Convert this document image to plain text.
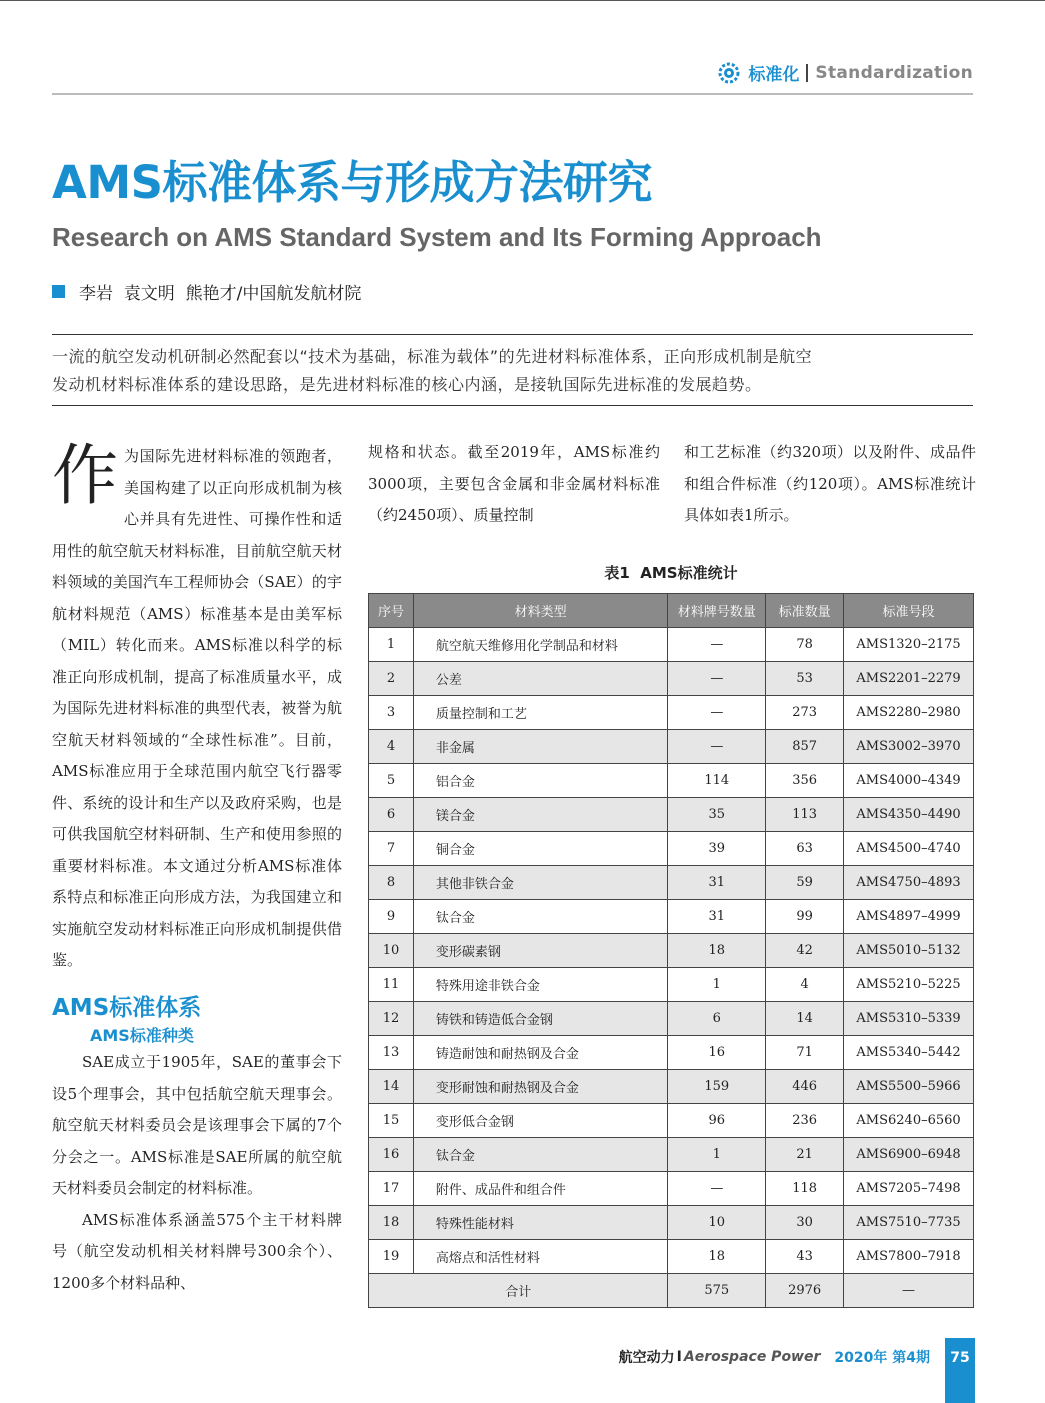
标准化 Standardization
AMS标准体系与形成方法研究
Research on AMS Standard System and Its Forming Approach
李岩  袁文明  熊艳才/中国航发航材院
一流的航空发动机研制必然配套以“技术为基础，标准为载体”的先进材料标准体系，正向形成机制是航空
发动机材料标准体系的建设思路，是先进材料标准的核心内涵，是接轨国际先进标准的发展趋势。
作 为国际先进材料标准的领跑者，美国构建了以正向形成机制为核心并具有先进性、可操作性和适用性的航空航天材料标准，目前航空航天材料领域的美国汽车工程师协会（SAE）的宇航材料规范（AMS）标准基本是由美军标（MIL）转化而来。AMS标准以科学的标准正向形成机制，提高了标准质量水平，成为国际先进材料标准的典型代表，被誉为航空航天材料领域的“全球性标准”。目前，AMS标准应用于全球范围内航空飞行器零件、系统的设计和生产以及政府采购，也是可供我国航空材料研制、生产和使用参照的重要材料标准。本文通过分析AMS标准体系特点和标准正向形成方法，为我国建立和实施航空发动材料标准正向形成机制提供借鉴。

AMS标准体系
AMS标准种类

SAE成立于1905年，SAE的董事会下设5个理事会，其中包括航空航天理事会。航空航天材料委员会是该理事会下属的7个分会之一。AMS标准是SAE所属的航空航天材料委员会制定的材料标准。

AMS标准体系涵盖575个主干材料牌号（航空发动机相关材料牌号300余个）、1200多个材料品种、

规格和状态。截至2019年，AMS标准约3000项，主要包含金属和非金属材料标准（约2450项）、质量控制

和工艺标准（约320项）以及附件、成品件和组合件标准（约120项）。AMS标准统计具体如表1所示。

表1  AMS标准统计
序号	材料类型	材料牌号数量	标准数量	标准号段
1	航空航天维修用化学制品和材料	—	78	AMS1320–2175
2	公差	—	53	AMS2201–2279
3	质量控制和工艺	—	273	AMS2280–2980
4	非金属	—	857	AMS3002–3970
5	铝合金	114	356	AMS4000–4349
6	镁合金	35	113	AMS4350–4490
7	铜合金	39	63	AMS4500–4740
8	其他非铁合金	31	59	AMS4750–4893
9	钛合金	31	99	AMS4897–4999
10	变形碳素钢	18	42	AMS5010–5132
11	特殊用途非铁合金	1	4	AMS5210–5225
12	铸铁和铸造低合金钢	6	14	AMS5310–5339
13	铸造耐蚀和耐热钢及合金	16	71	AMS5340–5442
14	变形耐蚀和耐热钢及合金	159	446	AMS5500–5966
15	变形低合金钢	96	236	AMS6240–6560
16	钛合金	1	21	AMS6900–6948
17	附件、成品件和组合件	—	118	AMS7205–7498
18	特殊性能材料	10	30	AMS7510–7735
19	高熔点和活性材料	18	43	AMS7800–7918
合计		575	2976	—
航空动力 I Aerospace Power 2020年 第4期	75
